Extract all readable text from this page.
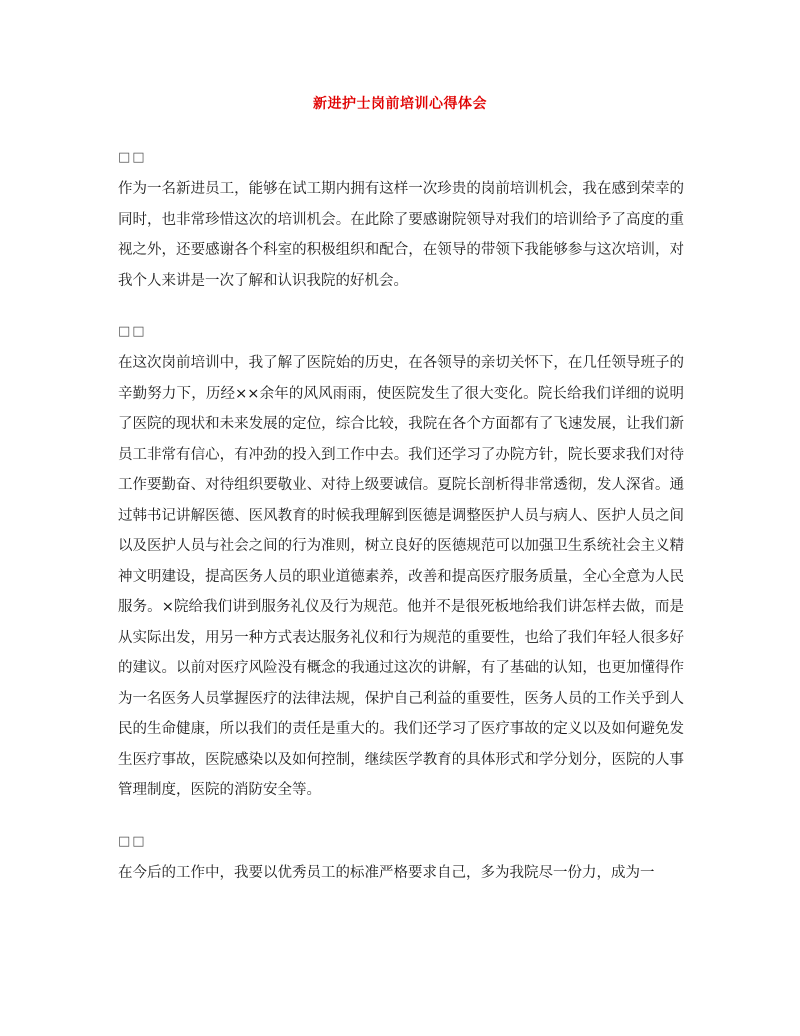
新进护士岗前培训心得体会
□□

作为一名新进员工，能够在试工期内拥有这样一次珍贵的岗前培训机会，我在感到荣幸的同时，也非常珍惜这次的培训机会。在此除了要感谢院领导对我们的培训给予了高度的重视之外，还要感谢各个科室的积极组织和配合，在领导的带领下我能够参与这次培训，对我个人来讲是一次了解和认识我院的好机会。

□□

在这次岗前培训中，我了解了医院始的历史，在各领导的亲切关怀下，在几任领导班子的辛勤努力下，历经××余年的风风雨雨，使医院发生了很大变化。院长给我们详细的说明了医院的现状和未来发展的定位，综合比较，我院在各个方面都有了飞速发展，让我们新员工非常有信心，有冲劲的投入到工作中去。我们还学习了办院方针，院长要求我们对待工作要勤奋、对待组织要敬业、对待上级要诚信。夏院长剖析得非常透彻，发人深省。通过韩书记讲解医德、医风教育的时候我理解到医德是调整医护人员与病人、医护人员之间以及医护人员与社会之间的行为准则，树立良好的医德规范可以加强卫生系统社会主义精神文明建设，提高医务人员的职业道德素养，改善和提高医疗服务质量，全心全意为人民服务。×院给我们讲到服务礼仪及行为规范。他并不是很死板地给我们讲怎样去做，而是从实际出发，用另一种方式表达服务礼仪和行为规范的重要性，也给了我们年轻人很多好的建议。以前对医疗风险没有概念的我通过这次的讲解，有了基础的认知，也更加懂得作为一名医务人员掌握医疗的法律法规，保护自己利益的重要性，医务人员的工作关乎到人民的生命健康，所以我们的责任是重大的。我们还学习了医疗事故的定义以及如何避免发生医疗事故，医院感染以及如何控制，继续医学教育的具体形式和学分划分，医院的人事管理制度，医院的消防安全等。

□□

在今后的工作中，我要以优秀员工的标准严格要求自己，多为我院尽一份力，成为一
